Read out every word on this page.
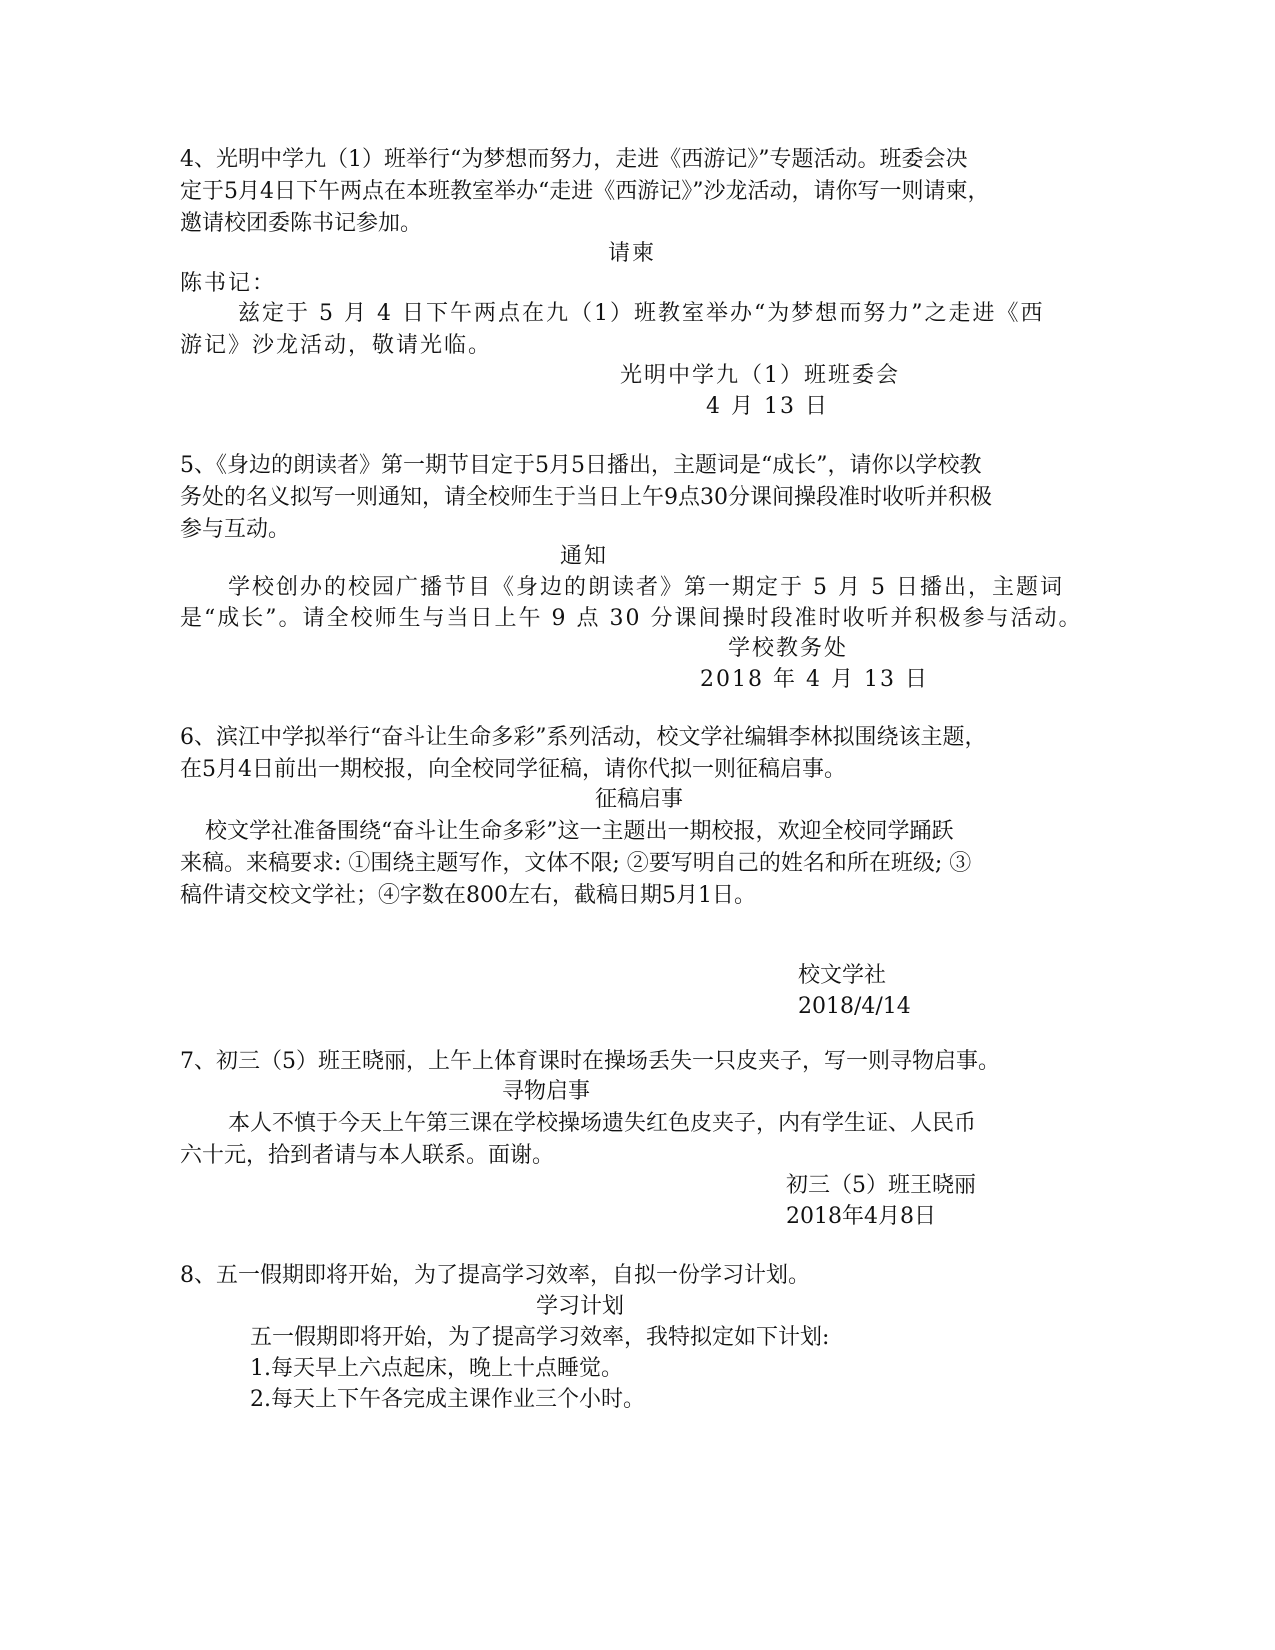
4、光明中学九（1）班举行“为梦想而努力，走进《西游记》”专题活动。班委会决
定于5月4日下午两点在本班教室举办“走进《西游记》”沙龙活动，请你写一则请柬，
邀请校团委陈书记参加。
请柬
陈书记：
兹定于 5 月 4 日下午两点在九（1）班教室举办“为梦想而努力”之走进《西
游记》沙龙活动，敬请光临。
光明中学九（1）班班委会
4 月 13 日
5、《身边的朗读者》第一期节目定于5月5日播出，主题词是“成长”，请你以学校教
务处的名义拟写一则通知，请全校师生于当日上午9点30分课间操段准时收听并积极
参与互动。
通知
学校创办的校园广播节目《身边的朗读者》第一期定于 5 月 5 日播出，主题词
是“成长”。请全校师生与当日上午 9 点 30 分课间操时段准时收听并积极参与活动。
学校教务处
2018 年 4 月 13 日
6、滨江中学拟举行“奋斗让生命多彩”系列活动，校文学社编辑李林拟围绕该主题，
在5月4日前出一期校报，向全校同学征稿，请你代拟一则征稿启事。
征稿启事
校文学社准备围绕“奋斗让生命多彩”这一主题出一期校报，欢迎全校同学踊跃
来稿。来稿要求: ①围绕主题写作，文体不限; ②要写明自己的姓名和所在班级; ③
稿件请交校文学社；④字数在800左右，截稿日期5月1日。
校文学社
2018/4/14
7、初三（5）班王晓丽，上午上体育课时在操场丢失一只皮夹子，写一则寻物启事。
寻物启事
本人不慎于今天上午第三课在学校操场遗失红色皮夹子，内有学生证、人民币
六十元，拾到者请与本人联系。面谢。
初三（5）班王晓丽
2018年4月8日
8、五一假期即将开始，为了提高学习效率，自拟一份学习计划。
学习计划
五一假期即将开始，为了提高学习效率，我特拟定如下计划:
1.每天早上六点起床，晚上十点睡觉。
2.每天上下午各完成主课作业三个小时。
